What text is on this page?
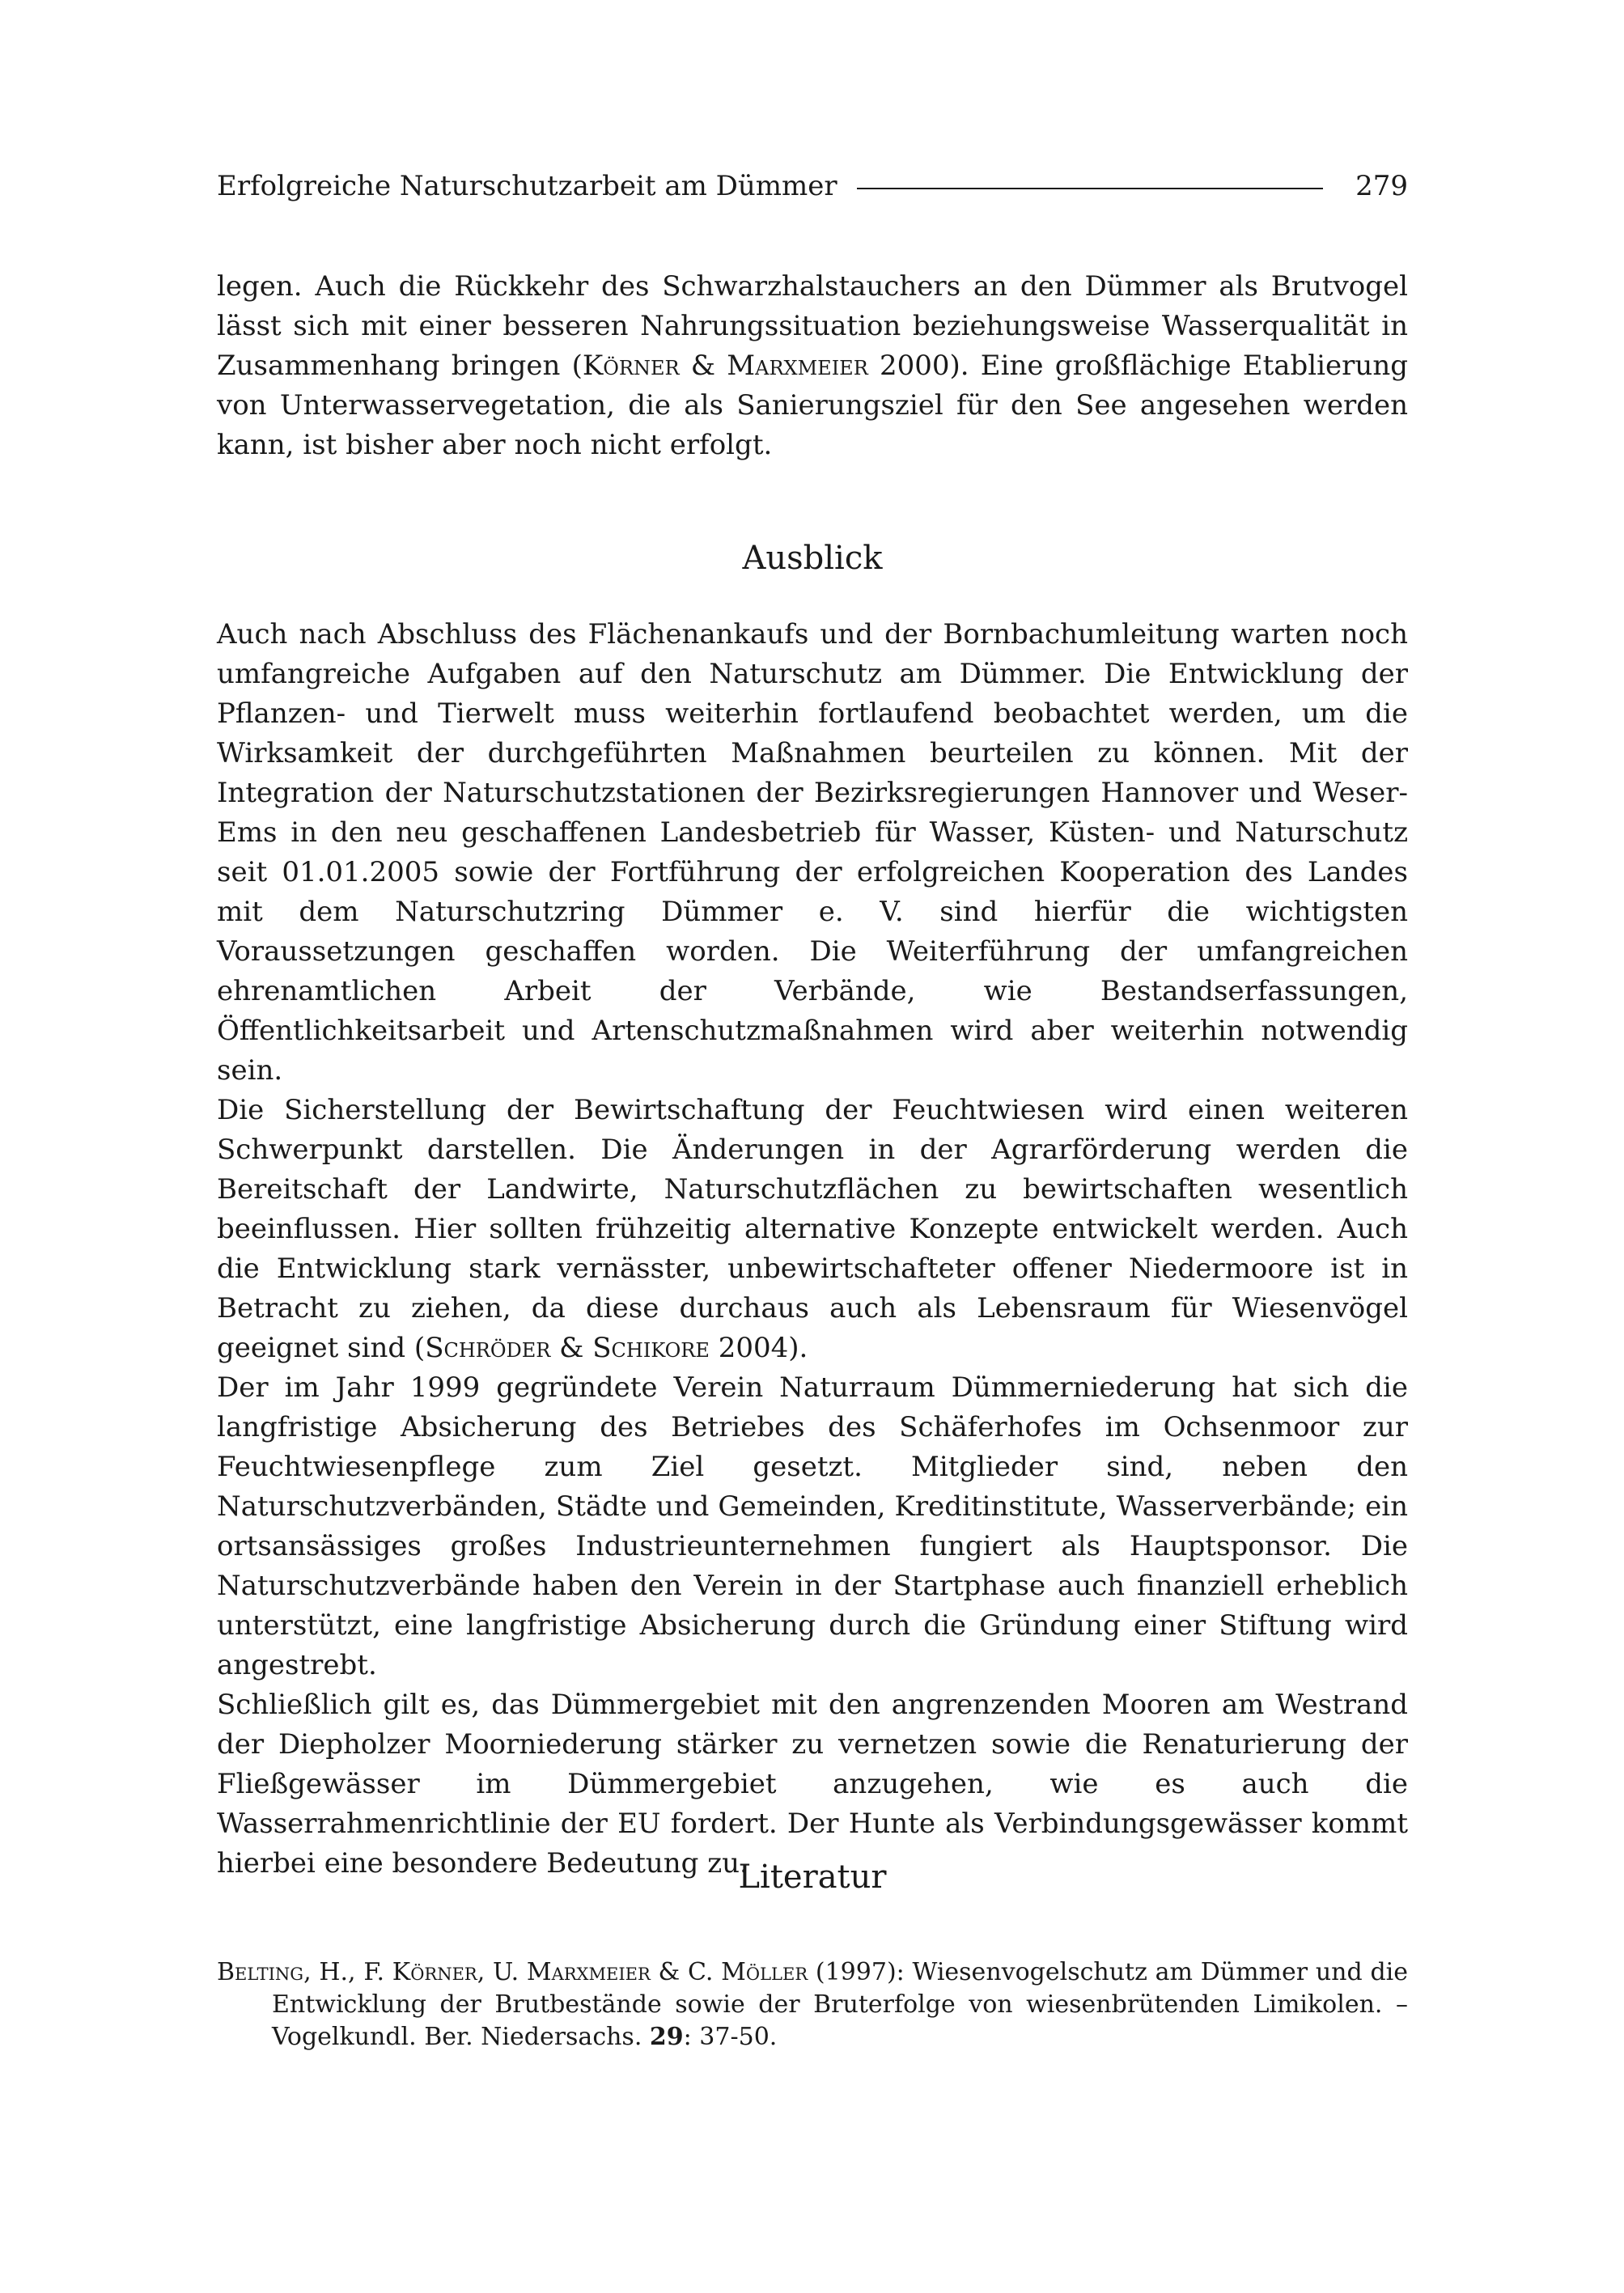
Erfolgreiche Naturschutzarbeit am Dümmer	279

legen. Auch die Rückkehr des Schwarzhalstauchers an den Dümmer als Brutvogel lässt sich mit einer besseren Nahrungssituation beziehungsweise Wasserqualität in Zusammenhang bringen (Körner & Marxmeier 2000). Eine großflächige Etablierung von Unterwasservegetation, die als Sanierungsziel für den See angesehen werden kann, ist bisher aber noch nicht erfolgt.

Ausblick

Auch nach Abschluss des Flächenankaufs und der Bornbachumleitung warten noch umfangreiche Aufgaben auf den Naturschutz am Dümmer. Die Entwicklung der Pflanzen- und Tierwelt muss weiterhin fortlaufend beobachtet werden, um die Wirksamkeit der durchgeführten Maßnahmen beurteilen zu können. Mit der Integration der Naturschutzstationen der Bezirksregierungen Hannover und Weser-Ems in den neu geschaffenen Landesbetrieb für Wasser, Küsten- und Naturschutz seit 01.01.2005 sowie der Fortführung der erfolgreichen Kooperation des Landes mit dem Naturschutzring Dümmer e. V. sind hierfür die wichtigsten Voraussetzungen geschaffen worden. Die Weiterführung der umfangreichen ehrenamtlichen Arbeit der Verbände, wie Bestandserfassungen, Öffentlichkeitsarbeit und Artenschutzmaßnahmen wird aber weiterhin notwendig sein.

Die Sicherstellung der Bewirtschaftung der Feuchtwiesen wird einen weiteren Schwerpunkt darstellen. Die Änderungen in der Agrarförderung werden die Bereitschaft der Landwirte, Naturschutzflächen zu bewirtschaften wesentlich beeinflussen. Hier sollten frühzeitig alternative Konzepte entwickelt werden. Auch die Entwicklung stark vernässter, unbewirtschafteter offener Niedermoore ist in Betracht zu ziehen, da diese durchaus auch als Lebensraum für Wiesenvögel geeignet sind (Schröder & Schikore 2004).

Der im Jahr 1999 gegründete Verein Naturraum Dümmerniederung hat sich die langfristige Absicherung des Betriebes des Schäferhofes im Ochsenmoor zur Feuchtwiesenpflege zum Ziel gesetzt. Mitglieder sind, neben den Naturschutzverbänden, Städte und Gemeinden, Kreditinstitute, Wasserverbände; ein ortsansässiges großes Industrieunternehmen fungiert als Hauptsponsor. Die Naturschutzverbände haben den Verein in der Startphase auch finanziell erheblich unterstützt, eine langfristige Absicherung durch die Gründung einer Stiftung wird angestrebt.

Schließlich gilt es, das Dümmergebiet mit den angrenzenden Mooren am Westrand der Diepholzer Moorniederung stärker zu vernetzen sowie die Renaturierung der Fließgewässer im Dümmergebiet anzugehen, wie es auch die Wasserrahmenrichtlinie der EU fordert. Der Hunte als Verbindungsgewässer kommt hierbei eine besondere Bedeutung zu.

Literatur
Belting, H., F. Körner, U. Marxmeier & C. Möller (1997): Wiesenvogelschutz am Dümmer und die Entwicklung der Brutbestände sowie der Bruterfolge von wiesenbrütenden Limikolen. – Vogelkundl. Ber. Niedersachs. 29: 37-50.
